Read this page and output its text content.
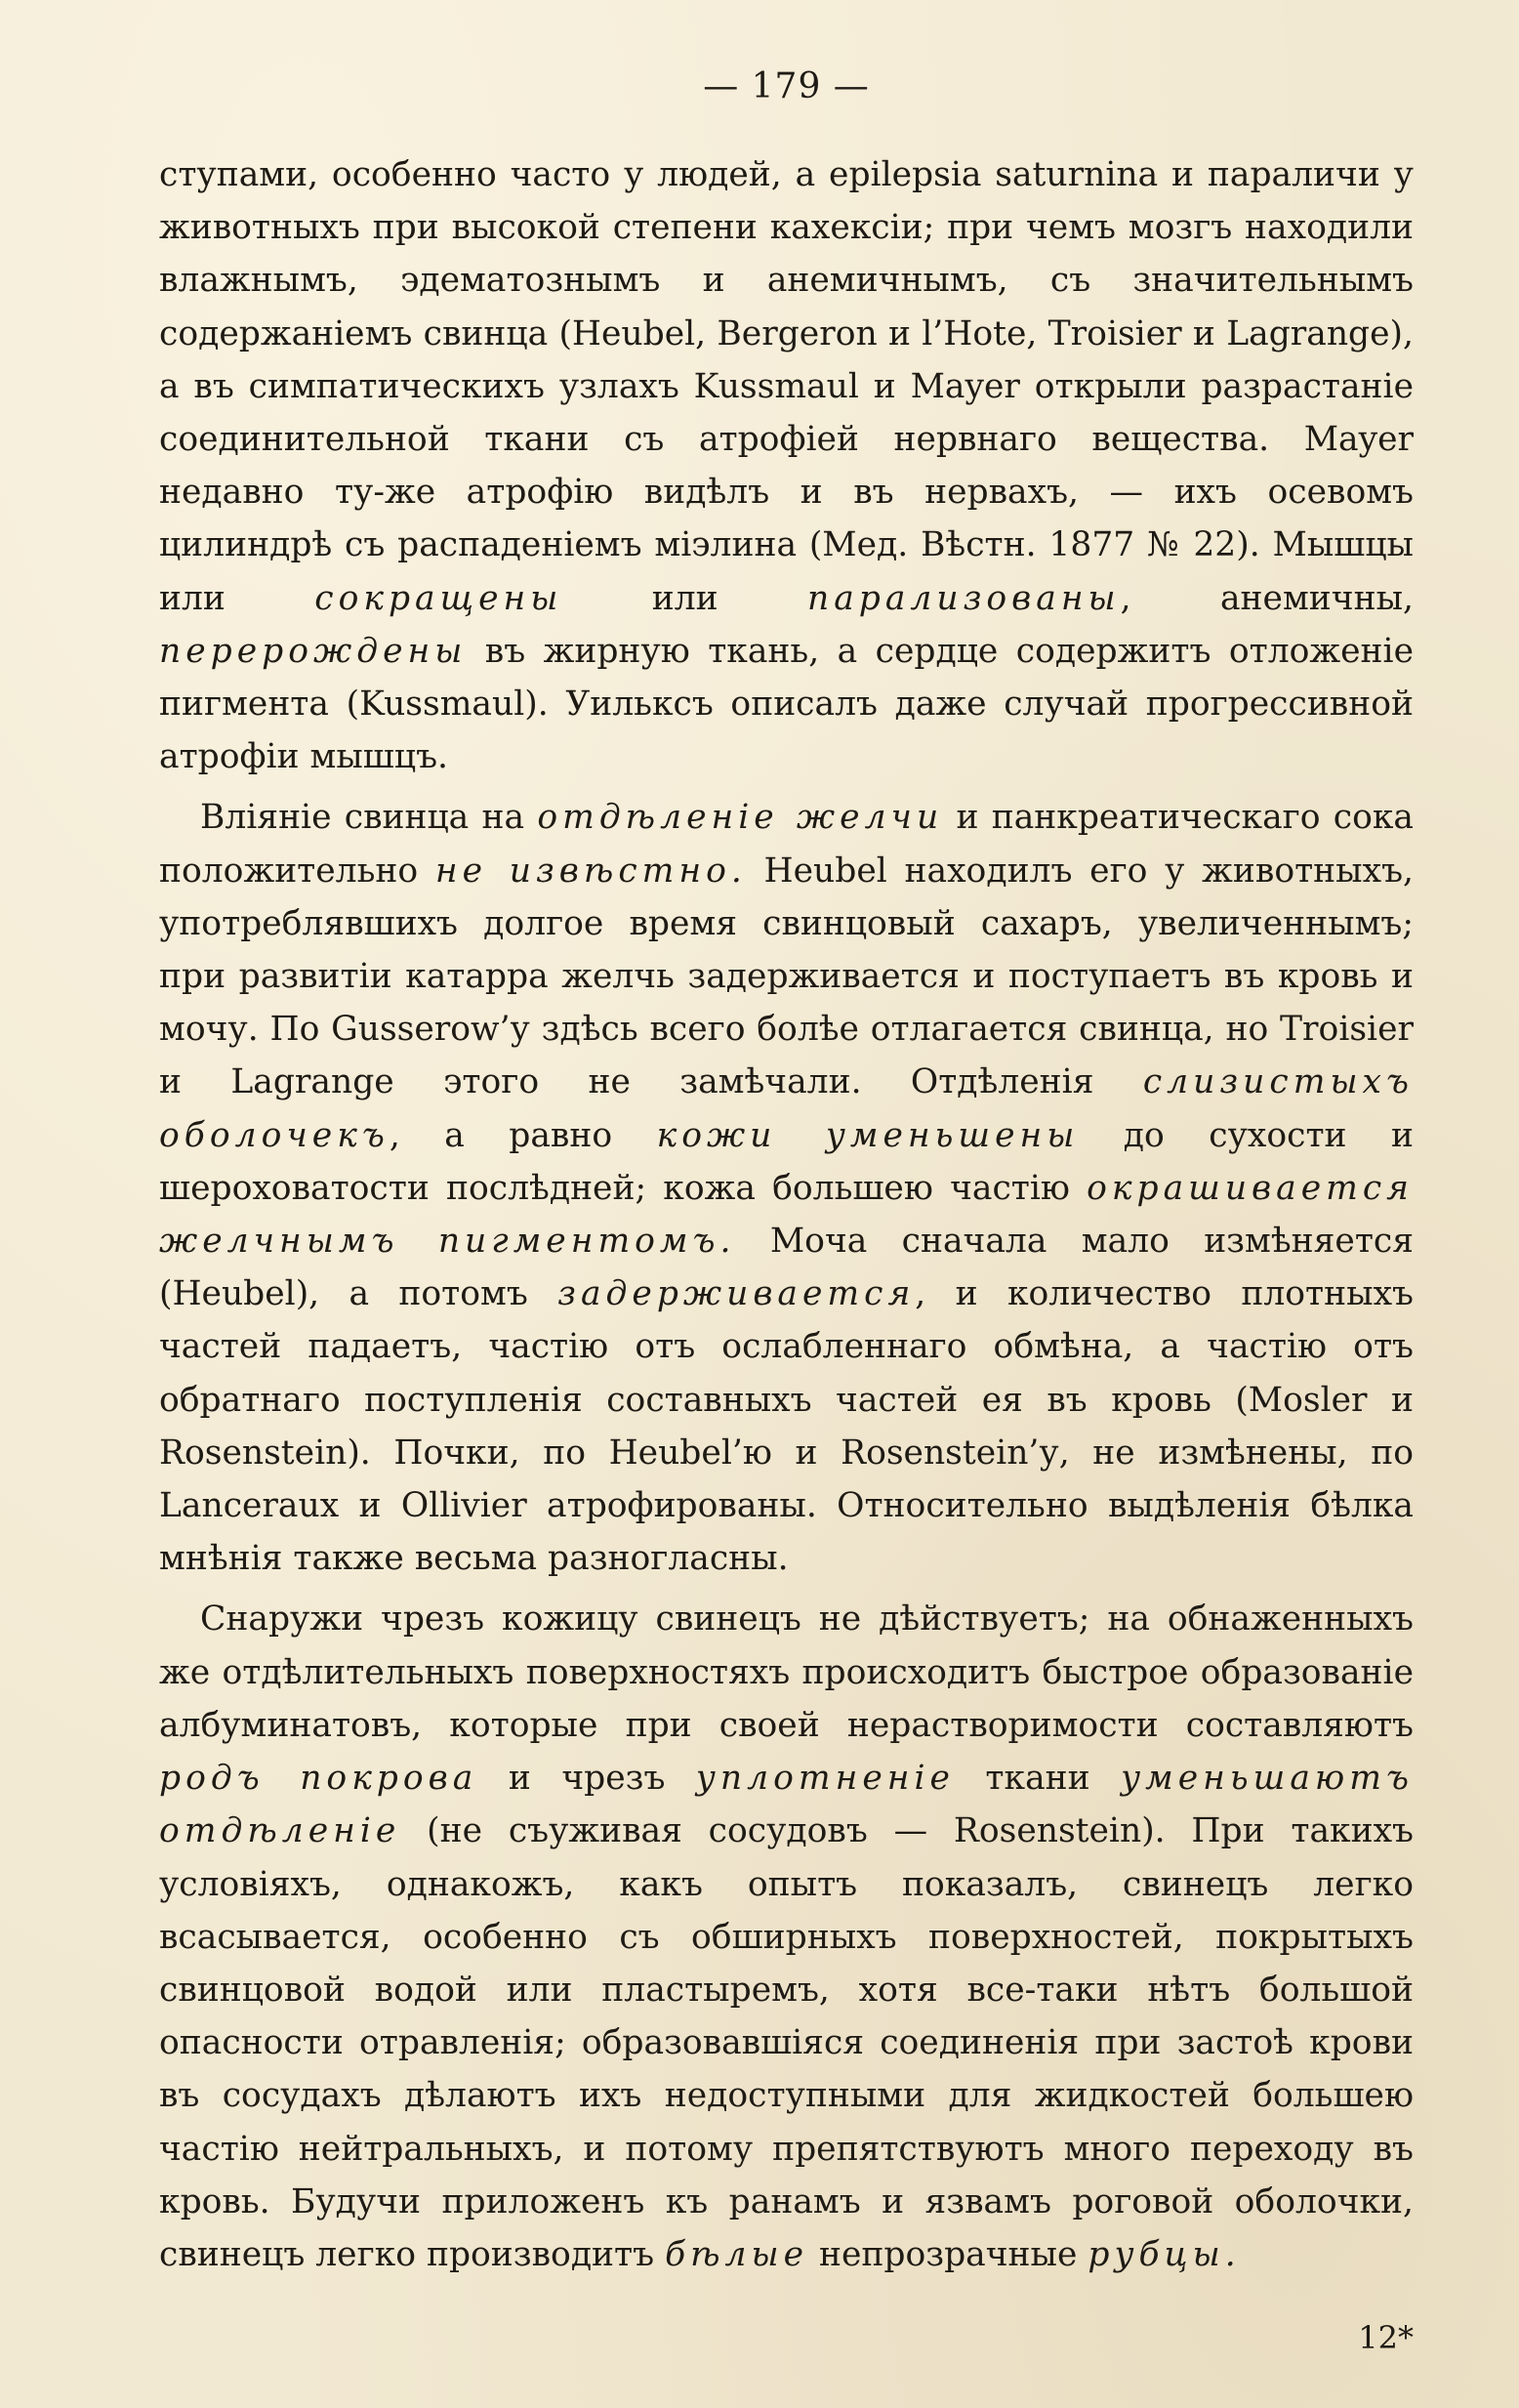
— 179 —

ступами, особенно часто у людей, а epilepsia saturnina и параличи у животныхъ при высокой степени кахексіи; при чемъ мозгъ находили влажнымъ, эдематознымъ и анемичнымъ, съ значительнымъ содержаніемъ свинца (Heubel, Bergeron и l’Hote, Troisier и Lagrange), а въ симпатическихъ узлахъ Kussmaul и Mayer открыли разрастаніе соединительной ткани съ атрофіей нервнаго вещества. Mayer недавно ту-же атрофію видѣлъ и въ нервахъ, — ихъ осевомъ цилиндрѣ съ распаденіемъ міэлина (Мед. Вѣстн. 1877 № 22). Мышцы или сокращены или парализованы, анемичны, перерождены въ жирную ткань, а сердце содержитъ отложеніе пигмента (Kussmaul). Уильксъ описалъ даже случай прогрессивной атрофіи мышцъ.

Вліяніе свинца на отдѣленіе желчи и панкреатическаго сока положительно не извѣстно. Heubel находилъ его у животныхъ, употреблявшихъ долгое время свинцовый сахаръ, увеличеннымъ; при развитіи катарра желчь задерживается и поступаетъ въ кровь и мочу. По Gusserow’у здѣсь всего болѣе отлагается свинца, но Troisier и Lagrange этого не замѣчали. Отдѣленія слизистыхъ оболочекъ, а равно кожи уменьшены до сухости и шероховатости послѣдней; кожа большею частію окрашивается желчнымъ пигментомъ. Моча сначала мало измѣняется (Heubel), а потомъ задерживается, и количество плотныхъ частей падаетъ, частію отъ ослабленнаго обмѣна, а частію отъ обратнаго поступленія составныхъ частей ея въ кровь (Mosler и Rosenstein). Почки, по Heubel’ю и Rosenstein’у, не измѣнены, по Lanceraux и Ollivier атрофированы. Относительно выдѣленія бѣлка мнѣнія также весьма разногласны.

Снаружи чрезъ кожицу свинецъ не дѣйствуетъ; на обнаженныхъ же отдѣлительныхъ поверхностяхъ происходитъ быстрое образованіе албуминатовъ, которые при своей нерастворимости составляютъ родъ покрова и чрезъ уплотненіе ткани уменьшаютъ отдѣленіе (не съуживая сосудовъ — Rosenstein). При такихъ условіяхъ, однакожъ, какъ опытъ показалъ, свинецъ легко всасывается, особенно съ обширныхъ поверхностей, покрытыхъ свинцовой водой или пластыремъ, хотя все-таки нѣтъ большой опасности отравленія; образовавшіяся соединенія при застоѣ крови въ сосудахъ дѣлаютъ ихъ недоступными для жидкостей большею частію нейтральныхъ, и потому препятствуютъ много переходу въ кровь. Будучи приложенъ къ ранамъ и язвамъ роговой оболочки, свинецъ легко производитъ бѣлые непрозрачные рубцы.

12*
